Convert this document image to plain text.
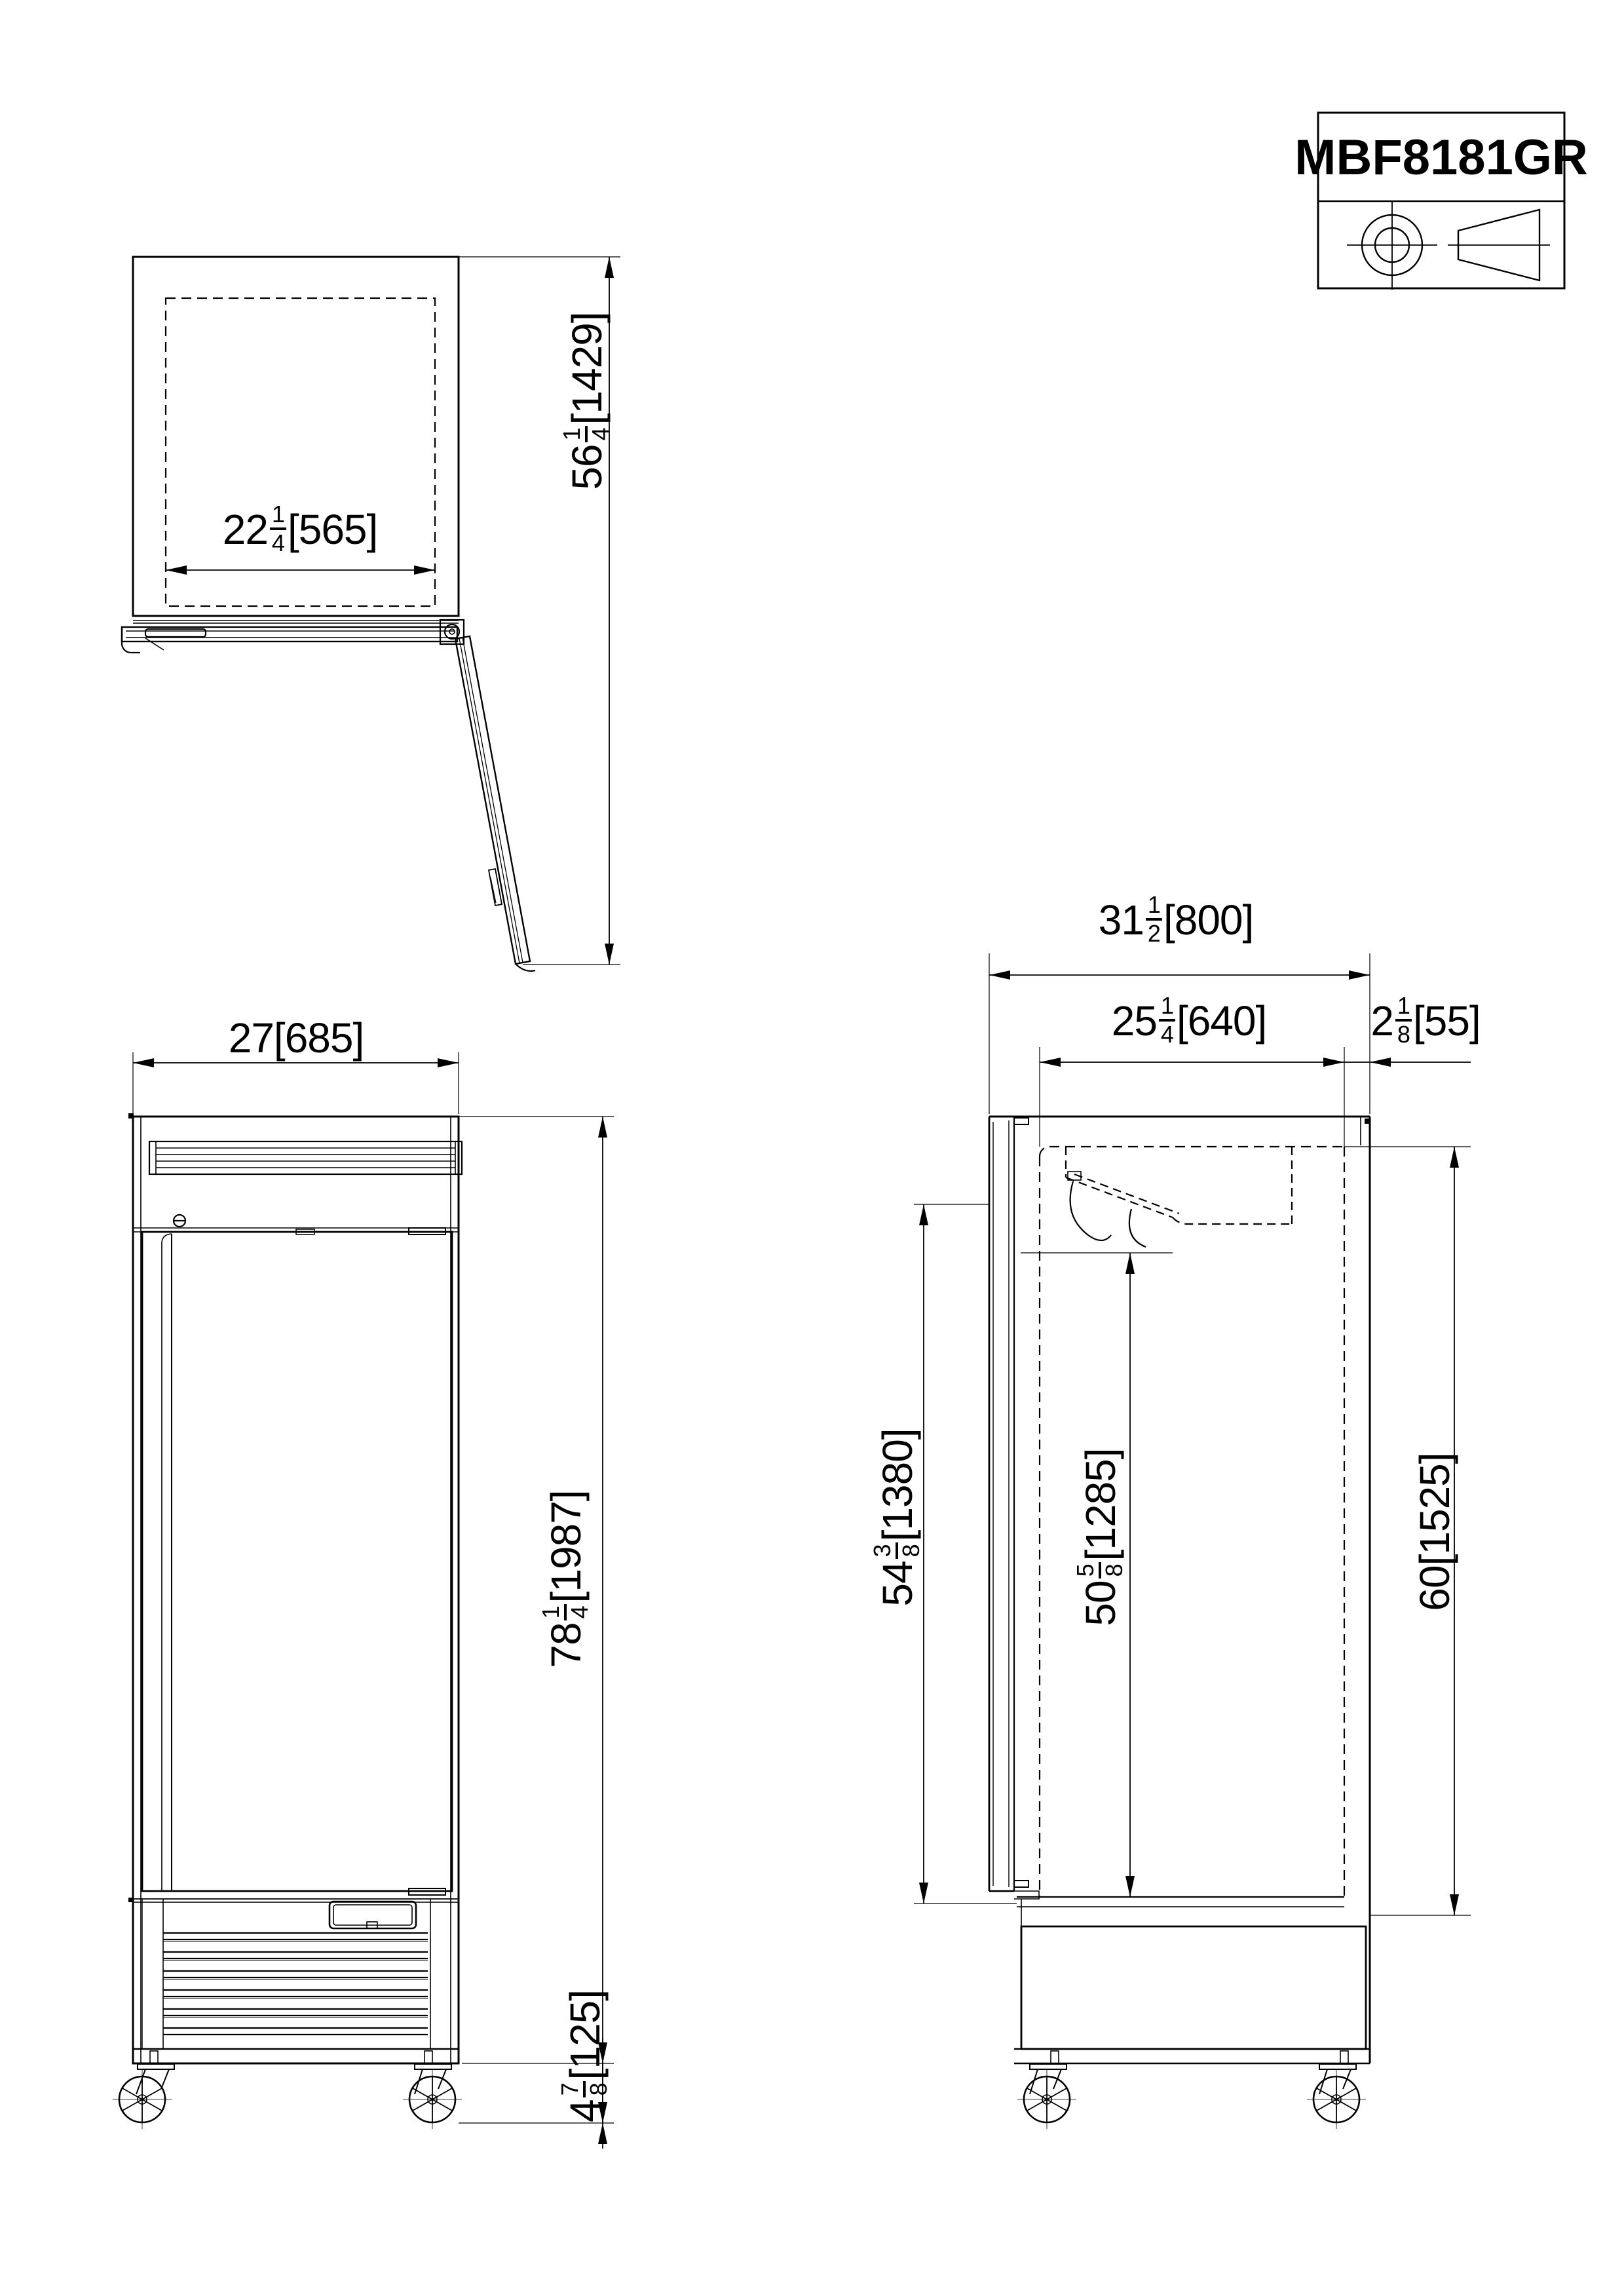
MBF8181GR
$22 \frac{1}{4} [565]$
56
1 4
[1429]
27 [685]
78
1 4
[1987]
4
7 8
[125]
$31 \frac{1}{2} [800]$
$25 \frac{1}{4} [640]$ $2 \frac{1}{8} [55]$
54
3 8
[1380]
50
5 8
[1285]
60
[1525]
